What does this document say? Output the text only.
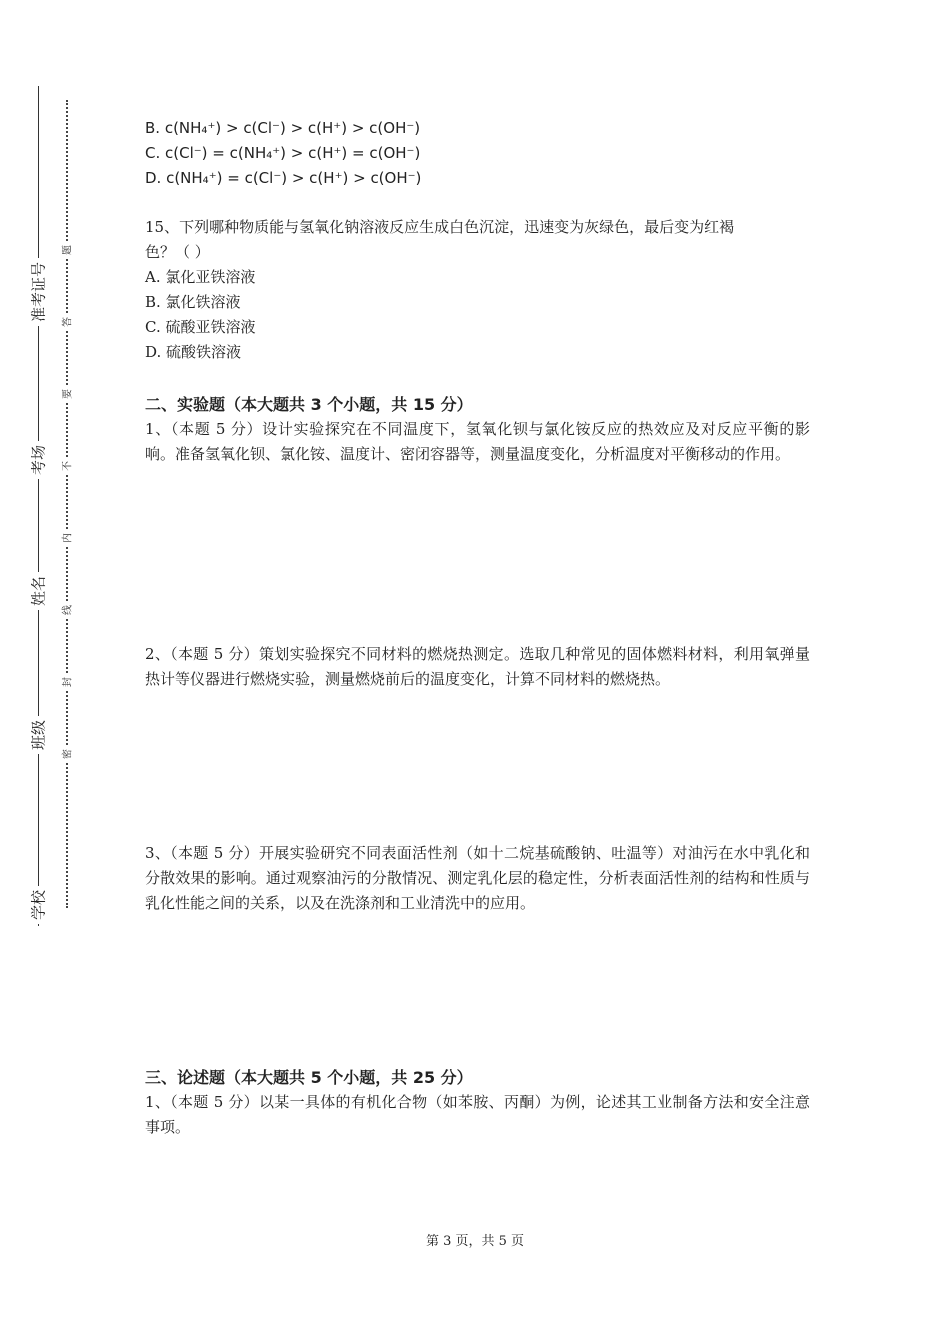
准考证号
考场
姓名
班级
学校
题
答
要
不
内
线
封
密

B. c(NH₄⁺) > c(Cl⁻) > c(H⁺) > c(OH⁻)

C. c(Cl⁻) = c(NH₄⁺) > c(H⁺) = c(OH⁻)

D. c(NH₄⁺) = c(Cl⁻) > c(H⁺) > c(OH⁻)

15、下列哪种物质能与氢氧化钠溶液反应生成白色沉淀，迅速变为灰绿色，最后变为红褐

色？（ ）

A. 氯化亚铁溶液

B. 氯化铁溶液

C. 硫酸亚铁溶液

D. 硫酸铁溶液

二、实验题（本大题共 3 个小题，共 15 分）

1、（本题 5 分）设计实验探究在不同温度下，氢氧化钡与氯化铵反应的热效应及对反应平衡的影响。准备氢氧化钡、氯化铵、温度计、密闭容器等，测量温度变化，分析温度对平衡移动的作用。

2、（本题 5 分）策划实验探究不同材料的燃烧热测定。选取几种常见的固体燃料材料，利用氧弹量热计等仪器进行燃烧实验，测量燃烧前后的温度变化，计算不同材料的燃烧热。

3、（本题 5 分）开展实验研究不同表面活性剂（如十二烷基硫酸钠、吐温等）对油污在水中乳化和分散效果的影响。通过观察油污的分散情况、测定乳化层的稳定性，分析表面活性剂的结构和性质与乳化性能之间的关系，以及在洗涤剂和工业清洗中的应用。

三、论述题（本大题共 5 个小题，共 25 分）

1、（本题 5 分）以某一具体的有机化合物（如苯胺、丙酮）为例，论述其工业制备方法和安全注意事项。

第 3 页，共 5 页
